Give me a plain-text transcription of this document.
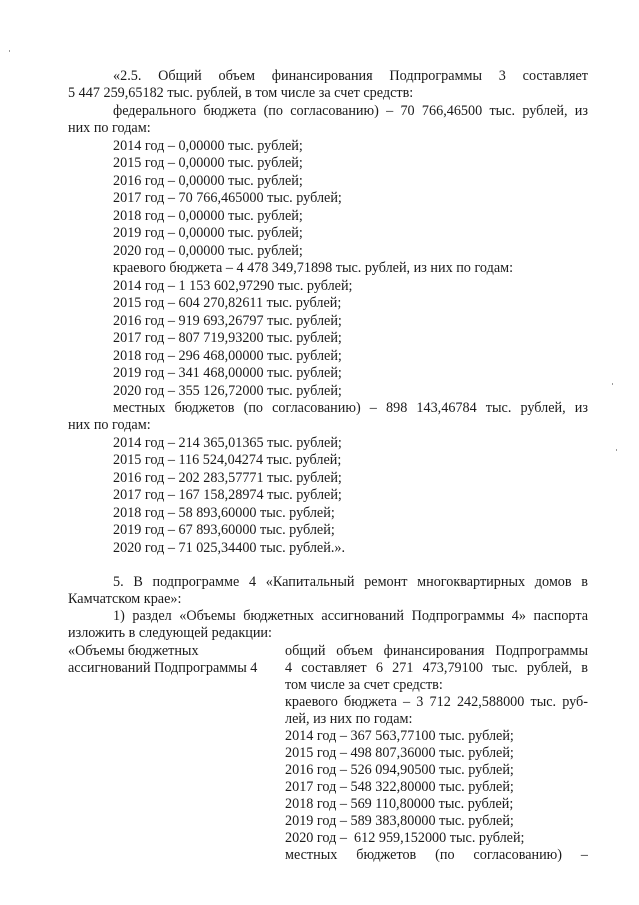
«2.5. Общий объем финансирования Подпрограммы 3 составляет
5 447 259,65182 тыс. рублей, в том числе за счет средств:
федерального бюджета (по согласованию) – 70 766,46500 тыс. рублей, из
них по годам:
2014 год – 0,00000 тыс. рублей;
2015 год – 0,00000 тыс. рублей;
2016 год – 0,00000 тыс. рублей;
2017 год – 70 766,465000 тыс. рублей;
2018 год – 0,00000 тыс. рублей;
2019 год – 0,00000 тыс. рублей;
2020 год – 0,00000 тыс. рублей;
краевого бюджета – 4 478 349,71898 тыс. рублей, из них по годам:
2014 год – 1 153 602,97290 тыс. рублей;
2015 год – 604 270,82611 тыс. рублей;
2016 год – 919 693,26797 тыс. рублей;
2017 год – 807 719,93200 тыс. рублей;
2018 год – 296 468,00000 тыс. рублей;
2019 год – 341 468,00000 тыс. рублей;
2020 год – 355 126,72000 тыс. рублей;
местных бюджетов (по согласованию) – 898 143,46784 тыс. рублей, из
них по годам:
2014 год – 214 365,01365 тыс. рублей;
2015 год – 116 524,04274 тыс. рублей;
2016 год – 202 283,57771 тыс. рублей;
2017 год – 167 158,28974 тыс. рублей;
2018 год – 58 893,60000 тыс. рублей;
2019 год – 67 893,60000 тыс. рублей;
2020 год – 71 025,34400 тыс. рублей.».
5. В подпрограмме 4 «Капитальный ремонт многоквартирных домов в
Камчатском крае»:
1) раздел «Объемы бюджетных ассигнований Подпрограммы 4» паспорта
изложить в следующей редакции:
«Объемы бюджетных
ассигнований Подпрограммы 4
общий объем финансирования Подпрограммы
4 составляет 6 271 473,79100 тыс. рублей, в
том числе за счет средств:
краевого бюджета – 3 712 242,588000 тыс. руб-
лей, из них по годам:
2014 год – 367 563,77100 тыс. рублей;
2015 год – 498 807,36000 тыс. рублей;
2016 год – 526 094,90500 тыс. рублей;
2017 год – 548 322,80000 тыс. рублей;
2018 год – 569 110,80000 тыс. рублей;
2019 год – 589 383,80000 тыс. рублей;
2020 год –  612 959,152000 тыс. рублей;
местных бюджетов (по согласованию) –
